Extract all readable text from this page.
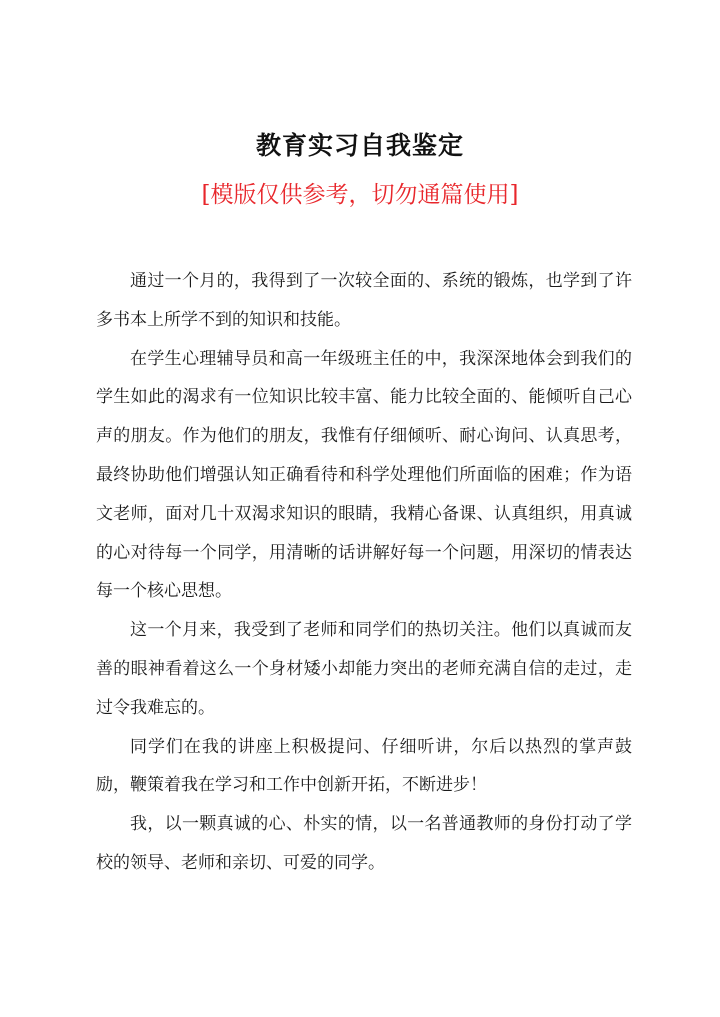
教育实习自我鉴定
[模版仅供参考，切勿通篇使用]

通过一个月的，我得到了一次较全面的、系统的锻炼，也学到了许多书本上所学不到的知识和技能。

在学生心理辅导员和高一年级班主任的中，我深深地体会到我们的学生如此的渴求有一位知识比较丰富、能力比较全面的、能倾听自己心声的朋友。作为他们的朋友，我惟有仔细倾听、耐心询问、认真思考，最终协助他们增强认知正确看待和科学处理他们所面临的困难；作为语文老师，面对几十双渴求知识的眼睛，我精心备课、认真组织，用真诚的心对待每一个同学，用清晰的话讲解好每一个问题，用深切的情表达每一个核心思想。

这一个月来，我受到了老师和同学们的热切关注。他们以真诚而友善的眼神看着这么一个身材矮小却能力突出的老师充满自信的走过，走过令我难忘的。

同学们在我的讲座上积极提问、仔细听讲，尔后以热烈的掌声鼓励，鞭策着我在学习和工作中创新开拓，不断进步！

我，以一颗真诚的心、朴实的情，以一名普通教师的身份打动了学校的领导、老师和亲切、可爱的同学。
